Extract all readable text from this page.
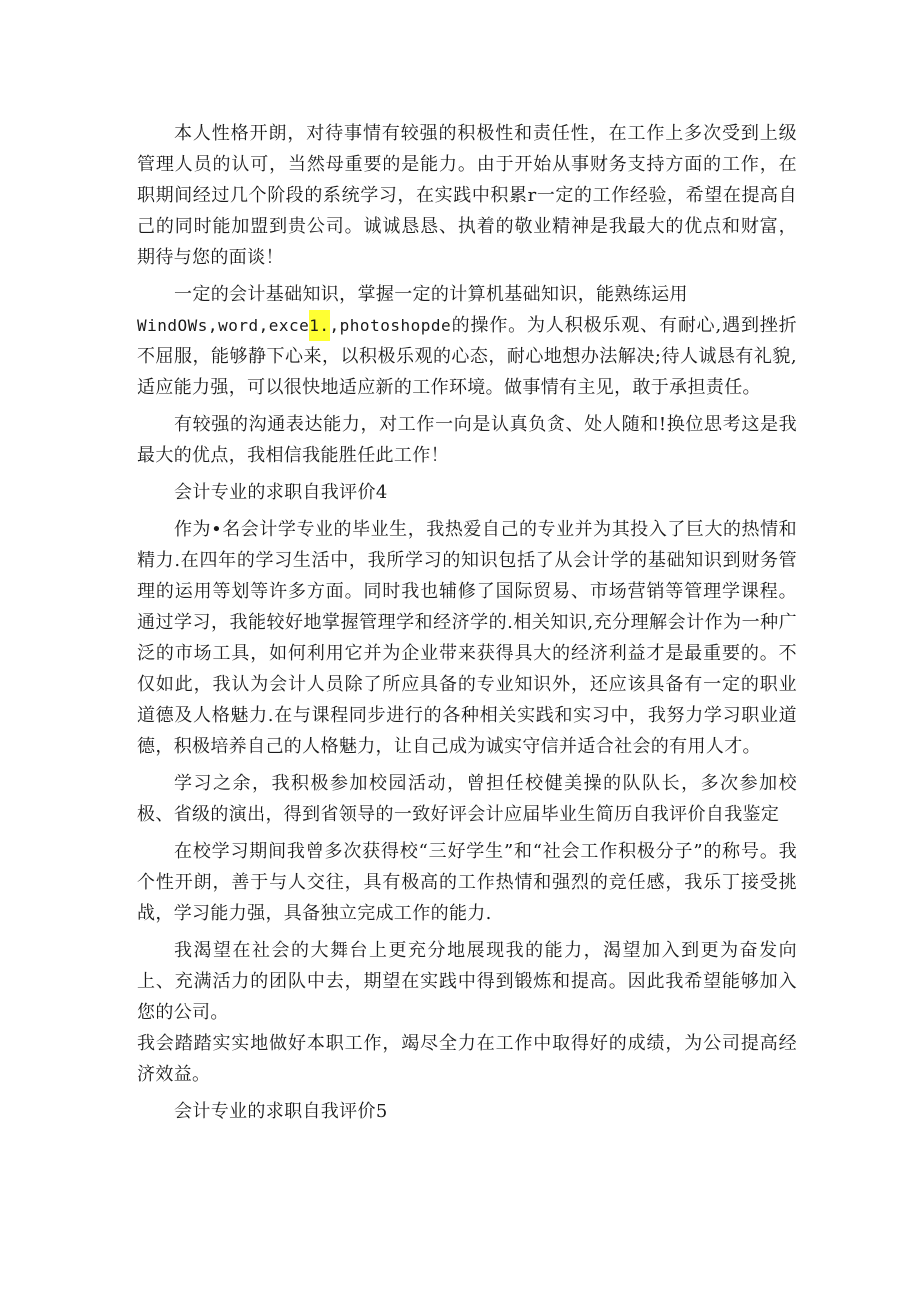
本人性格开朗，对待事情有较强的积极性和责任性，在工作上多次受到上级管理人员的认可，当然母重要的是能力。由于开始从事财务支持方面的工作，在职期间经过几个阶段的系统学习，在实践中积累r一定的工作经验，希望在提高自己的同时能加盟到贵公司。诚诚恳恳、执着的敬业精神是我最大的优点和财富，期待与您的面谈！

一定的会计基础知识，掌握一定的计算机基础知识，能熟练运用
WindOWs,word,exce1.,photoshopde的操作。为人积极乐观、有耐心,遇到挫折不屈服，能够静下心来，以积极乐观的心态，耐心地想办法解决;待人诚恳有礼貌,适应能力强，可以很快地适应新的工作环境。做事情有主见，敢于承担责任。

有较强的沟通表达能力，对工作一向是认真负贪、处人随和!换位思考这是我最大的优点，我相信我能胜任此工作！

会计专业的求职自我评价4

作为•名会计学专业的毕业生，我热爱自己的专业并为其投入了巨大的热情和精力.在四年的学习生活中，我所学习的知识包括了从会计学的基础知识到财务管理的运用等划等许多方面。同时我也辅修了国际贸易、市场营销等管理学课程。通过学习，我能较好地掌握管理学和经济学的.相关知识,充分理解会计作为一种广泛的市场工具，如何利用它并为企业带来获得具大的经济利益才是最重要的。不仅如此，我认为会计人员除了所应具备的专业知识外，还应该具备有一定的职业道德及人格魅力.在与课程同步进行的各种相关实践和实习中，我努力学习职业道德，积极培养自己的人格魅力，让自己成为诚实守信并适合社会的有用人才。

学习之余，我积极参加校园活动，曾担任校健美操的队队长，多次参加校极、省级的演出，得到省领导的一致好评会计应届毕业生简历自我评价自我鉴定

在校学习期间我曾多次获得校“三好学生”和“社会工作积极分子”的称号。我个性开朗，善于与人交往，具有极高的工作热情和强烈的竞任感，我乐丁接受挑战，学习能力强，具备独立完成工作的能力.

我渴望在社会的大舞台上更充分地展现我的能力，渴望加入到更为奋发向上、充满活力的团队中去，期望在实践中得到锻炼和提高。因此我希望能够加入您的公司。
我会踏踏实实地做好本职工作，竭尽全力在工作中取得好的成绩，为公司提高经济效益。

会计专业的求职自我评价5
